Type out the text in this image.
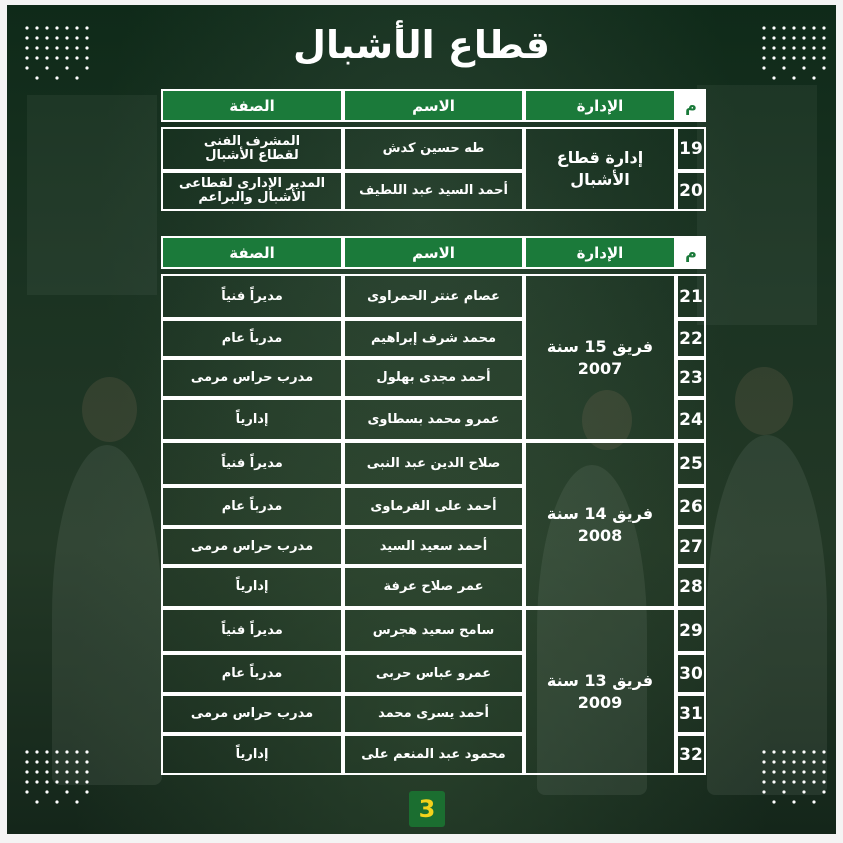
قطاع الأشبال
م
الإدارة
الاسم
الصفة
19
20
إدارة قطاع الأشبال
طه حسين كدش
أحمد السيد عبد اللطيف
المشرف الفنى
لقطاع الأشبال
المدير الإدارى لقطاعى
الأشبال والبراعم
م
الإدارة
الاسم
الصفة
فريق 15 سنة
2007
21
عصام عنتر الحمراوى
مديراً فنياً
22
محمد شرف إبراهيم
مدرباً عام
23
أحمد مجدى بهلول
مدرب حراس مرمى
24
عمرو محمد بسطاوى
إدارياً
فريق 14 سنة
2008
25
صلاح الدين عبد النبى
مديراً فنياً
26
أحمد على الفرماوى
مدرباً عام
27
أحمد سعيد السيد
مدرب حراس مرمى
28
عمر صلاح عرفة
إدارياً
فريق 13 سنة
2009
29
سامح سعيد هجرس
مديراً فنياً
30
عمرو عباس حربى
مدرباً عام
31
أحمد يسرى محمد
مدرب حراس مرمى
32
محمود عبد المنعم على
إدارياً
3
